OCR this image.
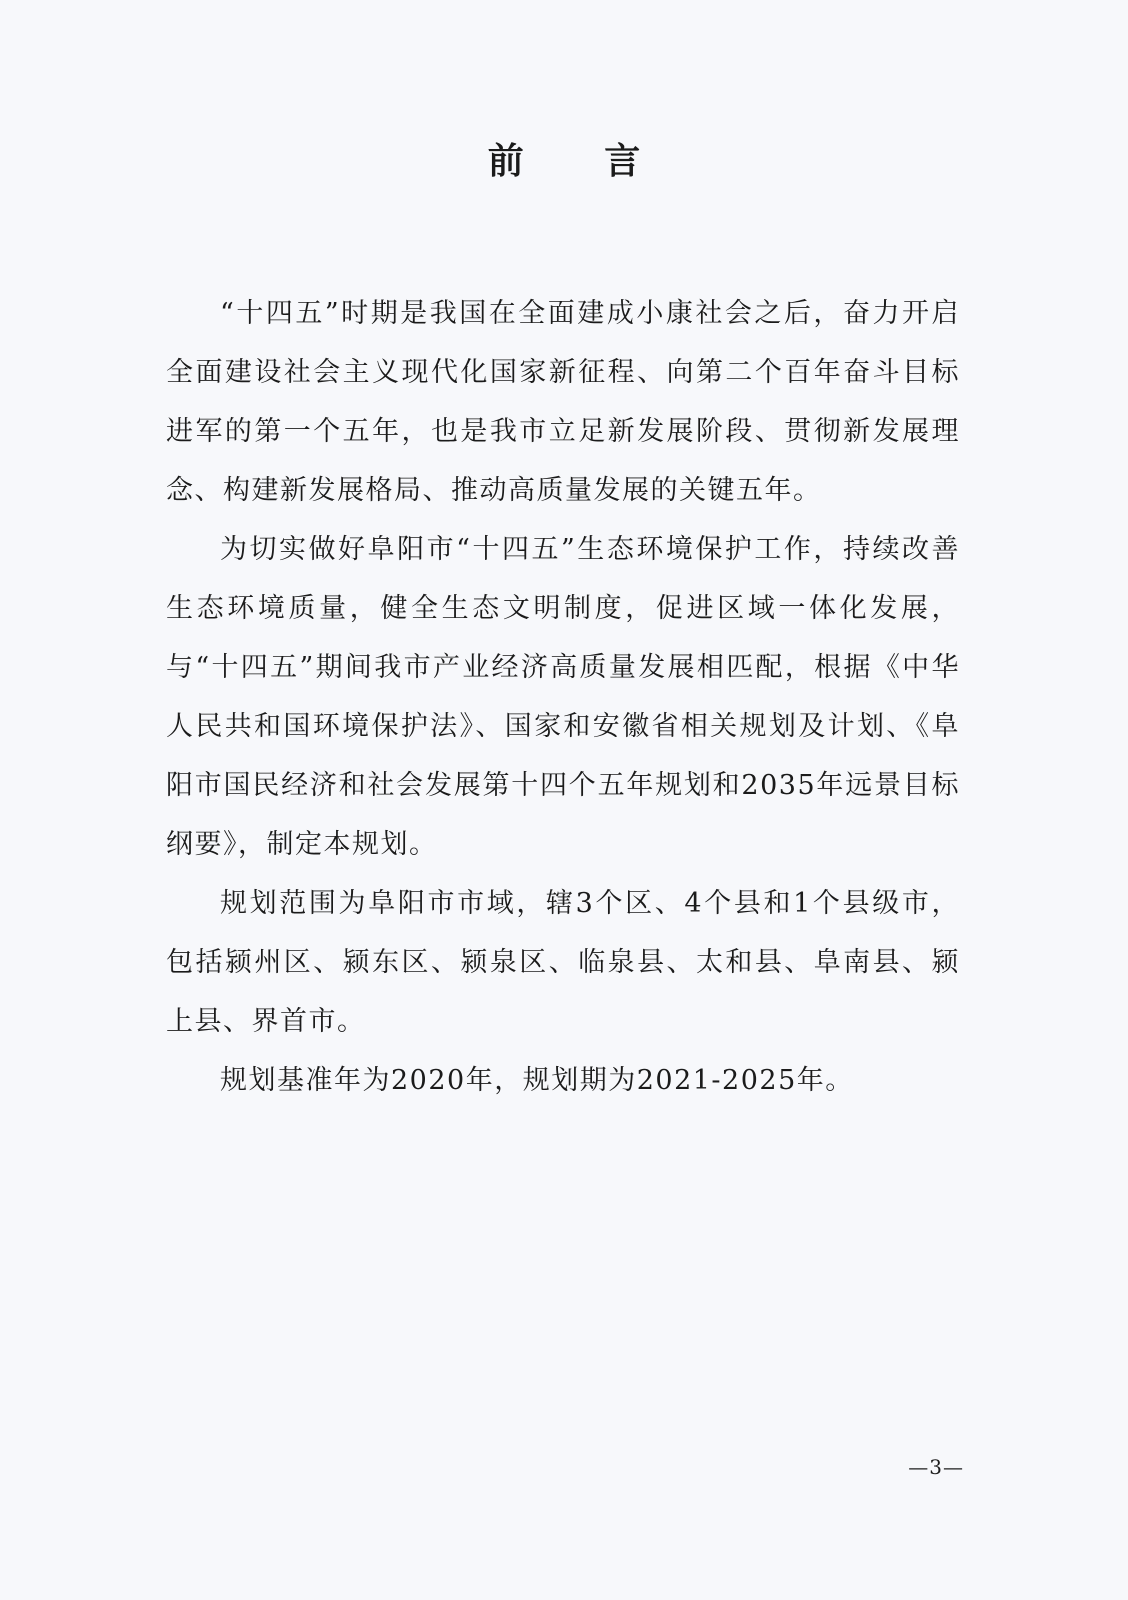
前 言

“十四五”时期是我国在全面建成小康社会之后，奋力开启全面建设社会主义现代化国家新征程、向第二个百年奋斗目标进军的第一个五年，也是我市立足新发展阶段、贯彻新发展理念、构建新发展格局、推动高质量发展的关键五年。

为切实做好阜阳市“十四五”生态环境保护工作，持续改善生态环境质量，健全生态文明制度，促进区域一体化发展，与“十四五”期间我市产业经济高质量发展相匹配，根据《中华人民共和国环境保护法》、国家和安徽省相关规划及计划、《阜阳市国民经济和社会发展第十四个五年规划和2035年远景目标纲要》，制定本规划。

规划范围为阜阳市市域，辖3个区、4个县和1个县级市，包括颍州区、颍东区、颍泉区、临泉县、太和县、阜南县、颍上县、界首市。

规划基准年为2020年，规划期为2021-2025年。

—3—
